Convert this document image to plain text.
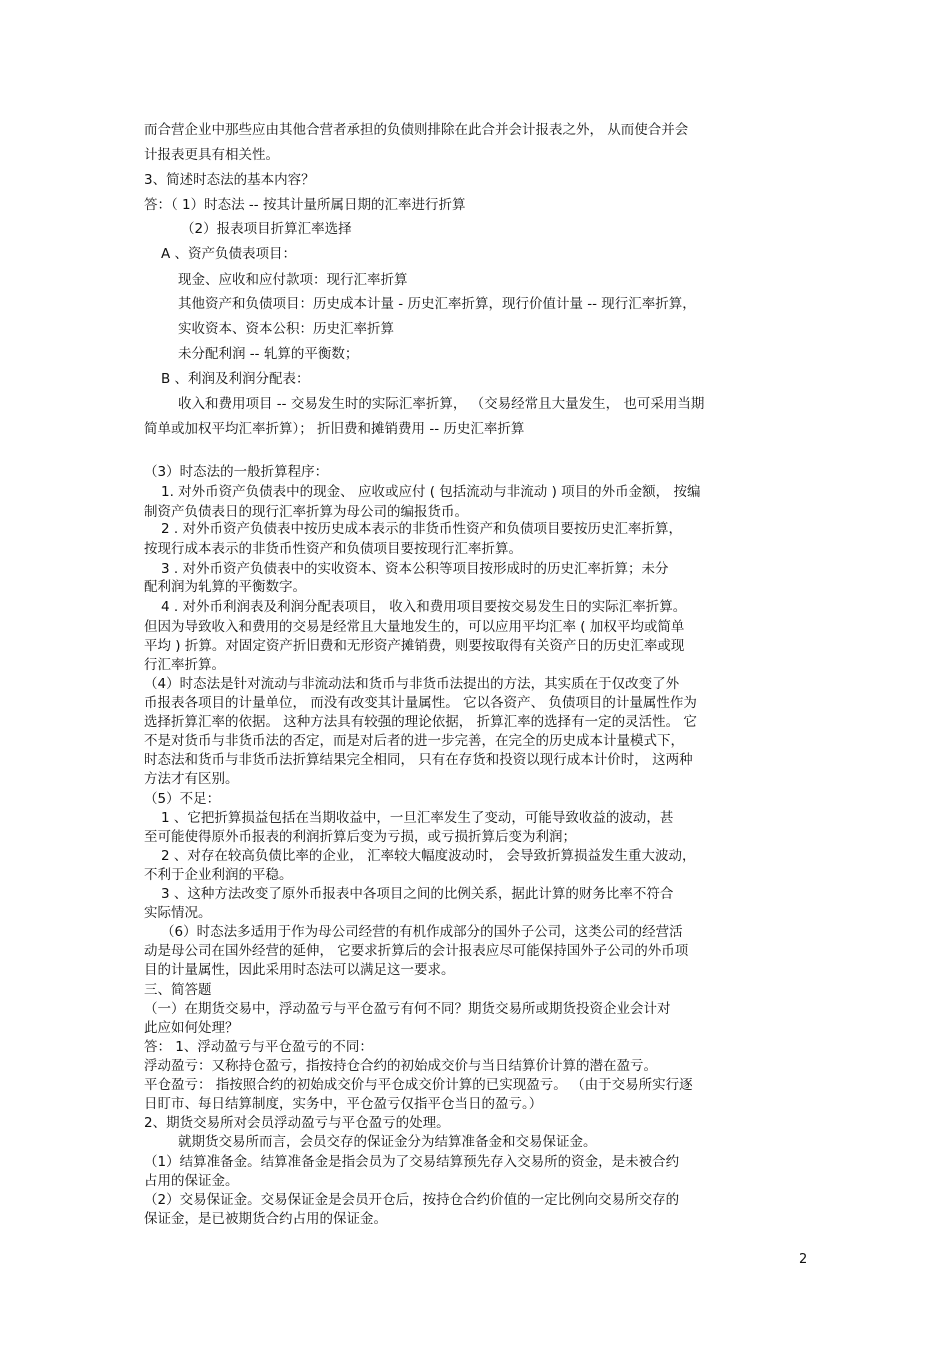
而合营企业中那些应由其他合营者承担的负债则排除在此合并会计报表之外， 从而使合并会
计报表更具有相关性。
3、简述时态法的基本内容？
答：（ 1）时态法 -- 按其计量所属日期的汇率进行折算
（2）报表项目折算汇率选择
A 、资产负债表项目：
现金、应收和应付款项：现行汇率折算
其他资产和负债项目：历史成本计量 - 历史汇率折算，现行价值计量 -- 现行汇率折算，
实收资本、资本公积：历史汇率折算
未分配利润 -- 轧算的平衡数；
B 、利润及利润分配表：
收入和费用项目 -- 交易发生时的实际汇率折算， （交易经常且大量发生， 也可采用当期
简单或加权平均汇率折算）； 折旧费和摊销费用 -- 历史汇率折算
（3）时态法的一般折算程序：
1. 对外币资产负债表中的现金、 应收或应付 ( 包括流动与非流动 ) 项目的外币金额， 按编
制资产负债表日的现行汇率折算为母公司的编报货币。
2 . 对外币资产负债表中按历史成本表示的非货币性资产和负债项目要按历史汇率折算，
按现行成本表示的非货币性资产和负债项目要按现行汇率折算。
3 . 对外币资产负债表中的实收资本、资本公积等项目按形成时的历史汇率折算；未分
配利润为轧算的平衡数字。
4 . 对外币利润表及利润分配表项目， 收入和费用项目要按交易发生日的实际汇率折算。
但因为导致收入和费用的交易是经常且大量地发生的，可以应用平均汇率 ( 加权平均或简单
平均 ) 折算。对固定资产折旧费和无形资产摊销费，则要按取得有关资产日的历史汇率或现
行汇率折算。
（4）时态法是针对流动与非流动法和货币与非货币法提出的方法，其实质在于仅改变了外
币报表各项目的计量单位， 而没有改变其计量属性。 它以各资产、 负债项目的计量属性作为
选择折算汇率的依据。 这种方法具有较强的理论依据， 折算汇率的选择有一定的灵活性。 它
不是对货币与非货币法的否定，而是对后者的进一步完善，在完全的历史成本计量模式下，
时态法和货币与非货币法折算结果完全相同， 只有在存货和投资以现行成本计价时， 这两种
方法才有区别。
（5）不足：
1 、它把折算损益包括在当期收益中，一旦汇率发生了变动，可能导致收益的波动，甚
至可能使得原外币报表的利润折算后变为亏损，或亏损折算后变为利润；
2 、对存在较高负债比率的企业， 汇率较大幅度波动时， 会导致折算损益发生重大波动，
不利于企业利润的平稳。
3 、这种方法改变了原外币报表中各项目之间的比例关系，据此计算的财务比率不符合
实际情况。
（6）时态法多适用于作为母公司经营的有机作成部分的国外子公司，这类公司的经营活
动是母公司在国外经营的延伸， 它要求折算后的会计报表应尽可能保持国外子公司的外币项
目的计量属性，因此采用时态法可以满足这一要求。
三、简答题
（一）在期货交易中，浮动盈亏与平仓盈亏有何不同？期货交易所或期货投资企业会计对
此应如何处理？
答： 1、浮动盈亏与平仓盈亏的不同：
浮动盈亏：又称持仓盈亏，指按持仓合约的初始成交价与当日结算价计算的潜在盈亏。
平仓盈亏： 指按照合约的初始成交价与平仓成交价计算的已实现盈亏。 （由于交易所实行逐
日盯市、每日结算制度，实务中，平仓盈亏仅指平仓当日的盈亏。）
2、期货交易所对会员浮动盈亏与平仓盈亏的处理。
就期货交易所而言，会员交存的保证金分为结算准备金和交易保证金。
（1）结算准备金。结算准备金是指会员为了交易结算预先存入交易所的资金，是未被合约
占用的保证金。
（2）交易保证金。交易保证金是会员开仓后，按持仓合约价值的一定比例向交易所交存的
保证金，是已被期货合约占用的保证金。
2
